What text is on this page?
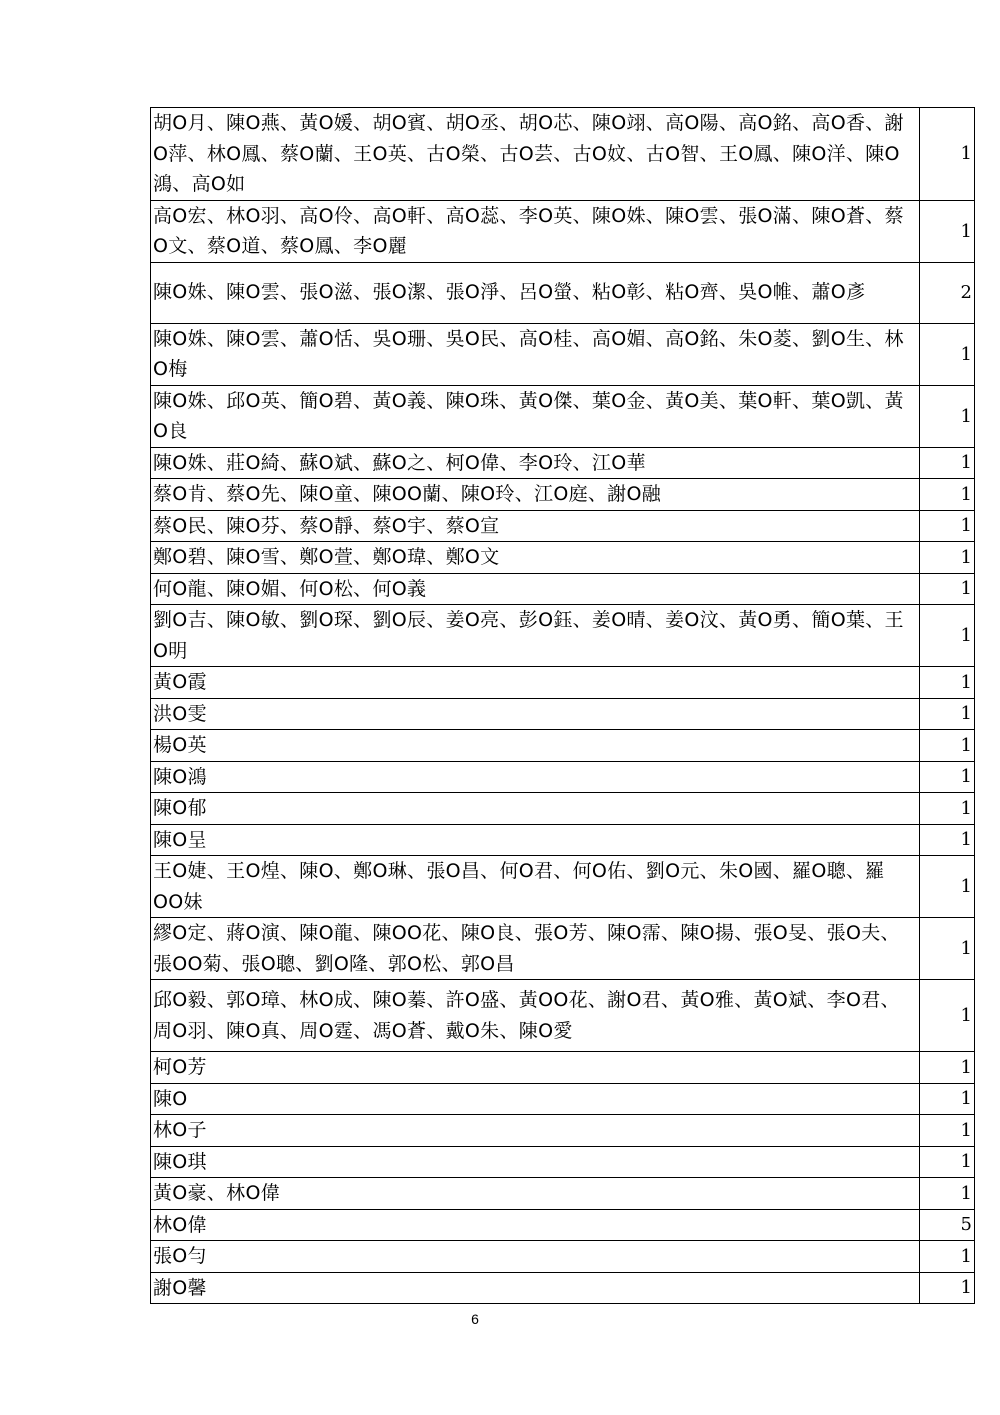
胡O月、陳O燕、黃O媛、胡O賓、胡O丞、胡O芯、陳O翊、高O陽、高O銘、高O香、謝O萍、林O鳳、蔡O蘭、王O英、古O榮、古O芸、古O妏、古O智、王O鳳、陳O洋、陳O鴻、高O如	1
高O宏、林O羽、高O伶、高O軒、高O蕊、李O英、陳O姝、陳O雲、張O滿、陳O蒼、蔡O文、蔡O道、蔡O鳳、李O麗	1
陳O姝、陳O雲、張O滋、張O潔、張O淨、呂O螢、粘O彰、粘O齊、吳O帷、蕭O彥	2
陳O姝、陳O雲、蕭O恬、吳O珊、吳O民、高O桂、高O媚、高O銘、朱O菱、劉O生、林O梅	1
陳O姝、邱O英、簡O碧、黃O義、陳O珠、黃O傑、葉O金、黃O美、葉O軒、葉O凱、黃O良	1
陳O姝、莊O綺、蘇O斌、蘇O之、柯O偉、李O玲、江O華	1
蔡O肯、蔡O先、陳O童、陳OO蘭、陳O玲、江O庭、謝O融	1
蔡O民、陳O芬、蔡O靜、蔡O宇、蔡O宣	1
鄭O碧、陳O雪、鄭O萱、鄭O瑋、鄭O文	1
何O龍、陳O媚、何O松、何O義	1
劉O吉、陳O敏、劉O琛、劉O辰、姜O亮、彭O鈺、姜O晴、姜O汶、黃O勇、簡O葉、王O明	1
黃O霞	1
洪O雯	1
楊O英	1
陳O鴻	1
陳O郁	1
陳O呈	1
王O婕、王O煌、陳O、鄭O琳、張O昌、何O君、何O佑、劉O元、朱O國、羅O聰、羅OO妹	1
繆O定、蔣O演、陳O龍、陳OO花、陳O良、張O芳、陳O霈、陳O揚、張O旻、張O夫、張OO菊、張O聰、劉O隆、郭O松、郭O昌	1
邱O毅、郭O璋、林O成、陳O蓁、許O盛、黃OO花、謝O君、黃O雅、黃O斌、李O君、周O羽、陳O真、周O霆、馮O蒼、戴O朱、陳O愛	1
柯O芳	1
陳O	1
林O子	1
陳O琪	1
黃O豪、林O偉	1
林O偉	5
張O勻	1
謝O馨	1
6
